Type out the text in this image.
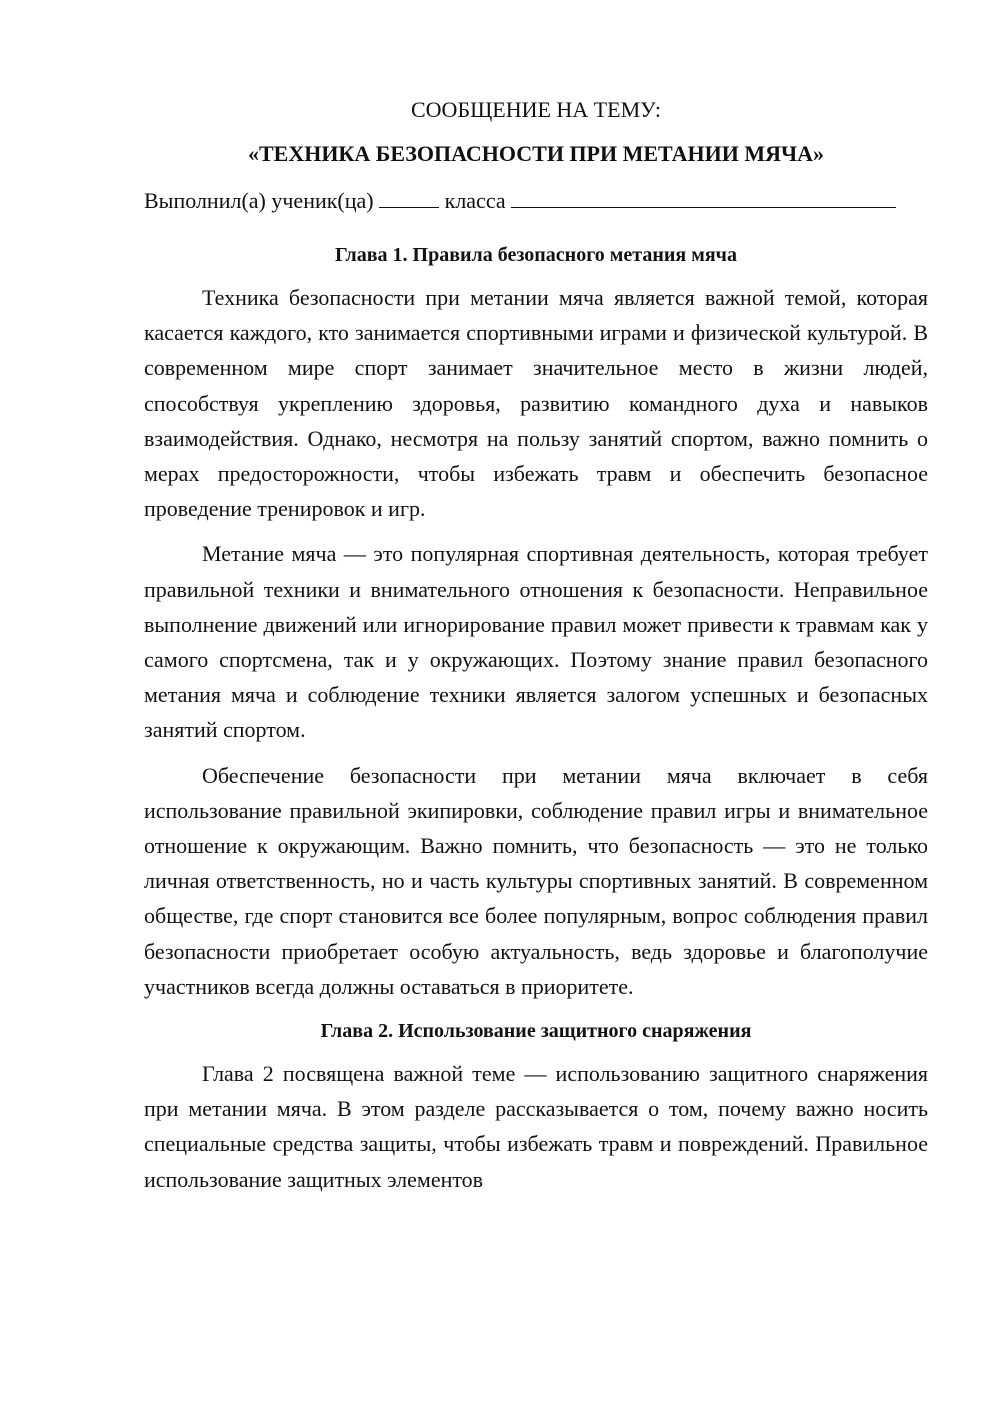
СООБЩЕНИЕ НА ТЕМУ:

«ТЕХНИКА БЕЗОПАСНОСТИ ПРИ МЕТАНИИ МЯЧА»

Выполнил(а) ученик(ца)	класса

Глава 1. Правила безопасного метания мяча

Техника безопасности при метании мяча является важной темой, которая касается каждого, кто занимается спортивными играми и физической культурой. В современном мире спорт занимает значительное место в жизни людей, способствуя укреплению здоровья, развитию командного духа и навыков взаимодействия. Однако, несмотря на пользу занятий спортом, важно помнить о мерах предосторожности, чтобы избежать травм и обеспечить безопасное проведение тренировок и игр.

Метание мяча — это популярная спортивная деятельность, которая требует правильной техники и внимательного отношения к безопасности. Неправильное выполнение движений или игнорирование правил может привести к травмам как у самого спортсмена, так и у окружающих. Поэтому знание правил безопасного метания мяча и соблюдение техники является залогом успешных и безопасных занятий спортом.

Обеспечение безопасности при метании мяча включает в себя использование правильной экипировки, соблюдение правил игры и внимательное отношение к окружающим. Важно помнить, что безопасность — это не только личная ответственность, но и часть культуры спортивных занятий. В современном обществе, где спорт становится все более популярным, вопрос соблюдения правил безопасности приобретает особую актуальность, ведь здоровье и благополучие участников всегда должны оставаться в приоритете.

Глава 2. Использование защитного снаряжения

Глава 2 посвящена важной теме — использованию защитного снаряжения при метании мяча. В этом разделе рассказывается о том, почему важно носить специальные средства защиты, чтобы избежать травм и повреждений. Правильное использование защитных элементов
